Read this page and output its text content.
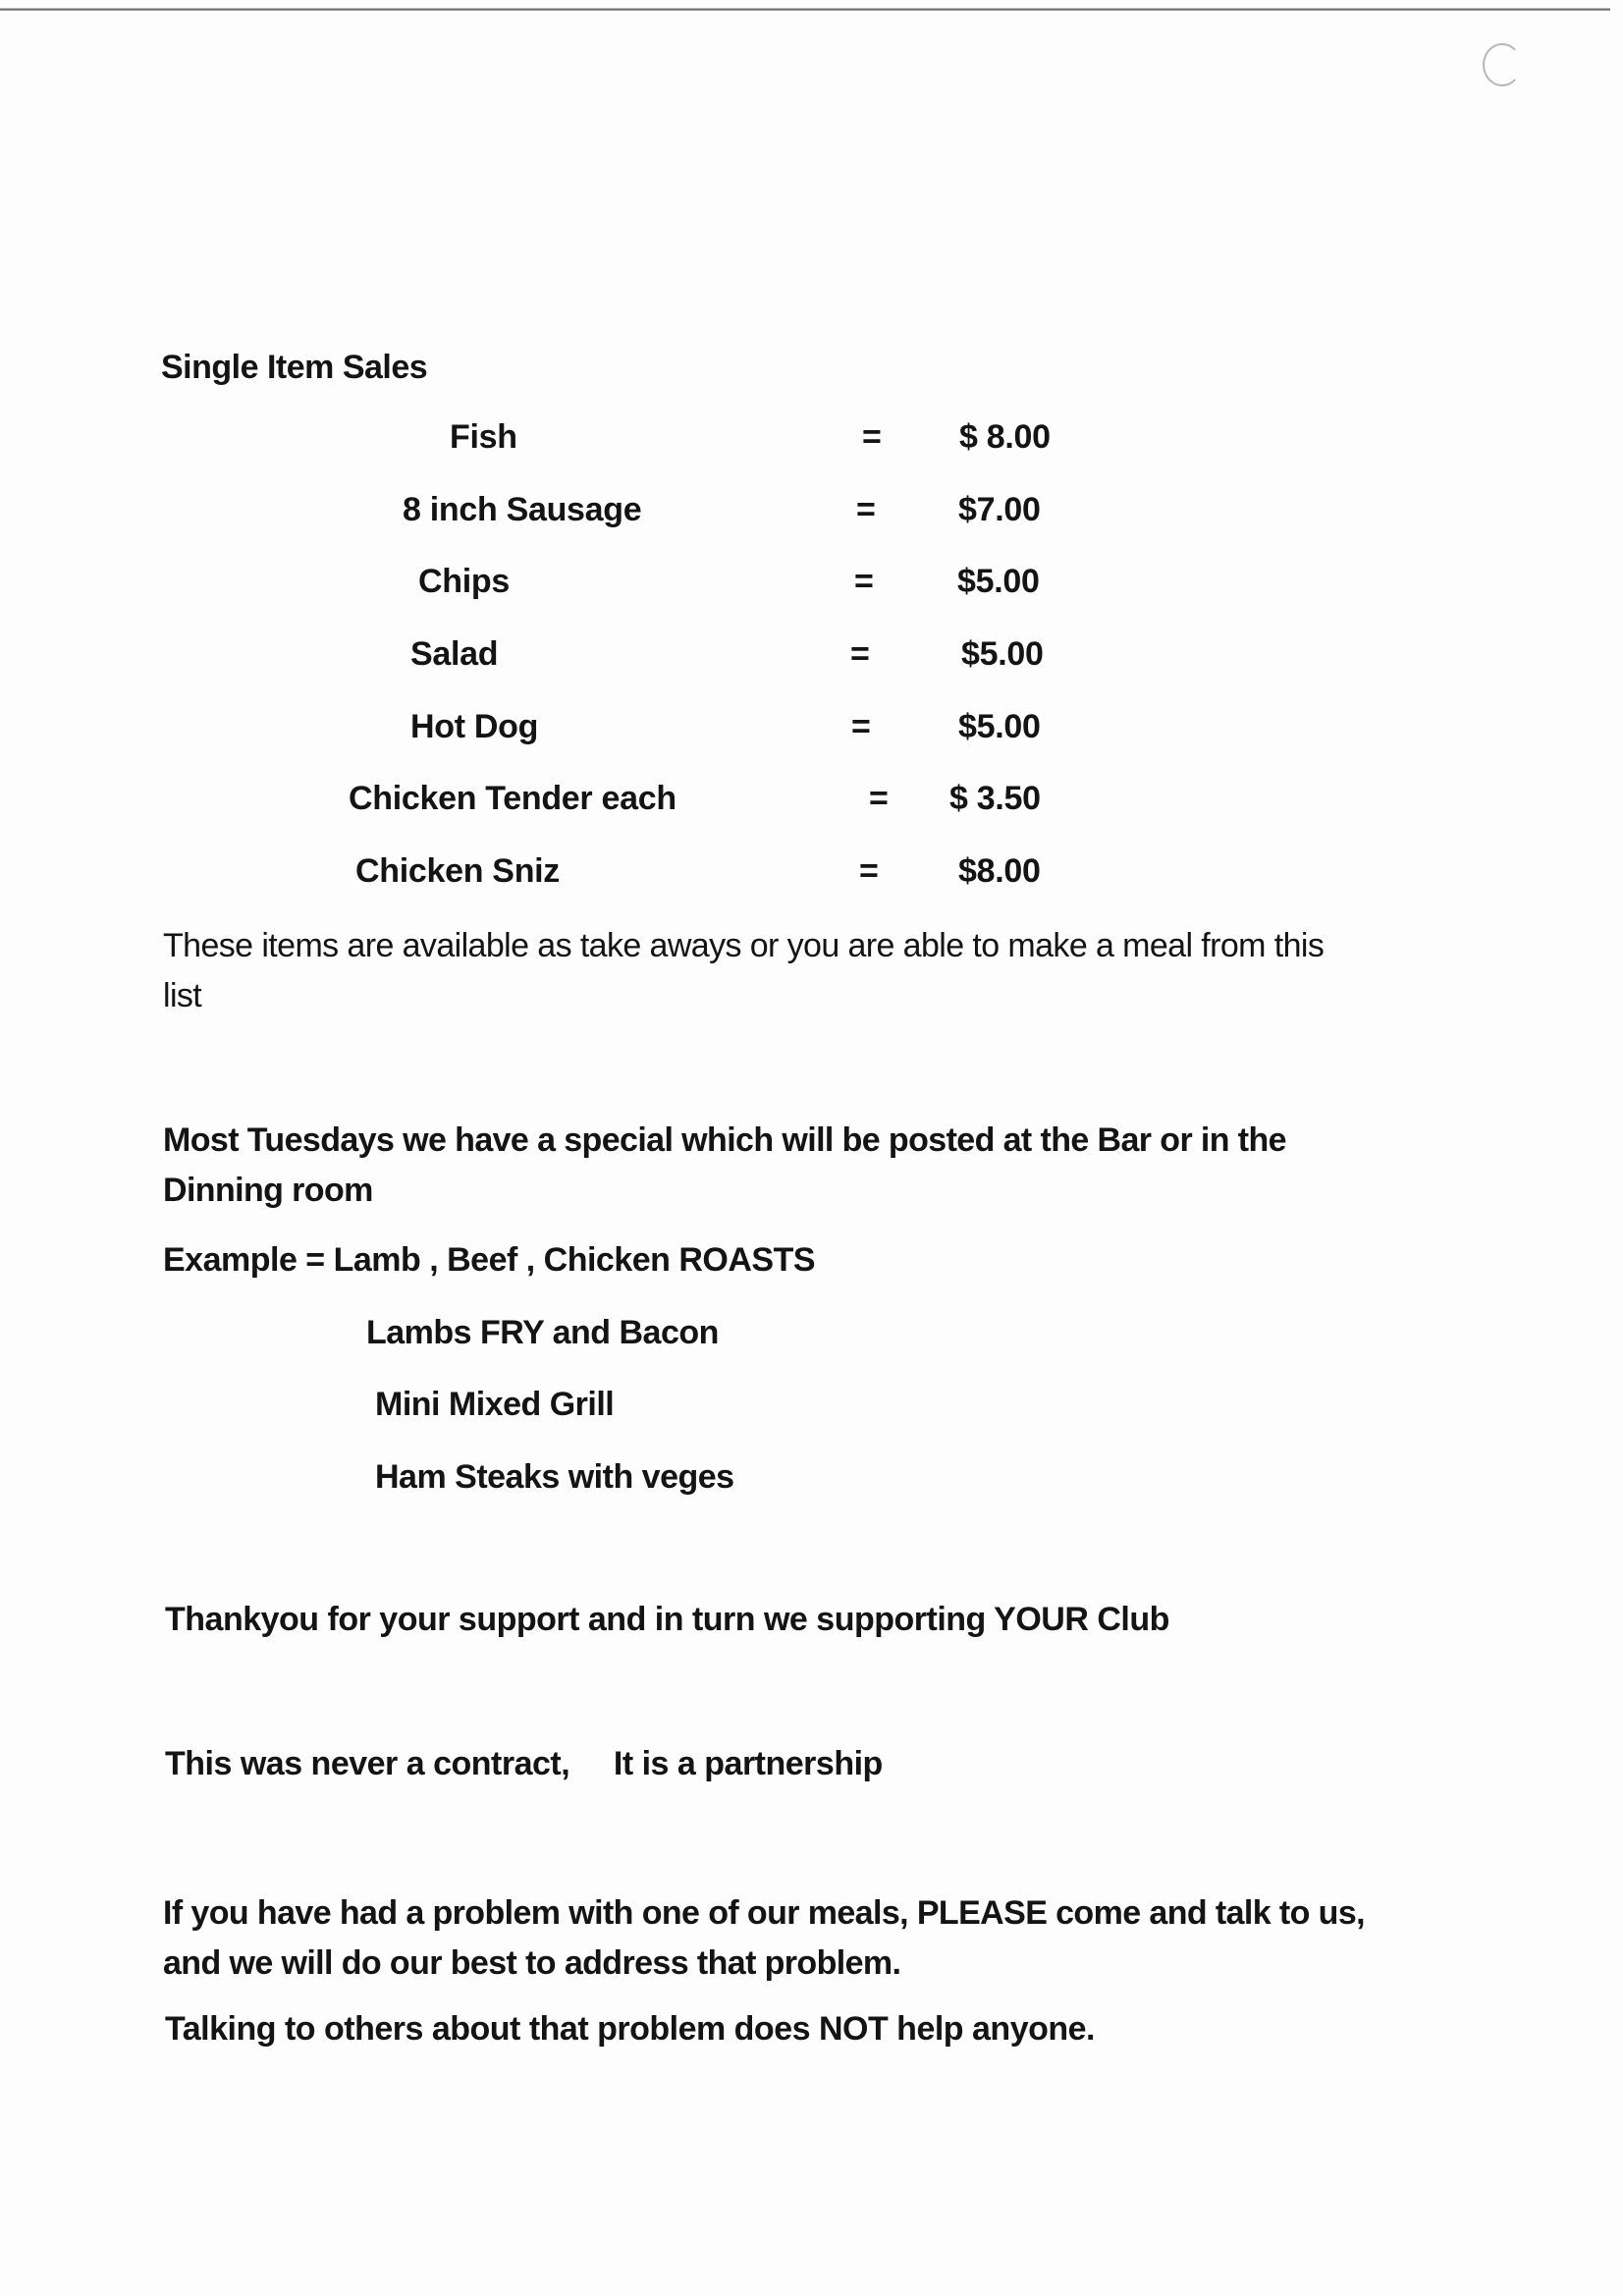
Single Item Sales
Fish	= $ 8.00
8 inch Sausage	= $7.00
Chips	=	$5.00
Salad	=	$5.00
Hot Dog	=	$5.00
Chicken Tender each	= $ 3.50
Chicken Sniz	= $8.00
These items are available as take aways or you are able to make a meal from this list
Most Tuesdays we have a special which will be posted at the Bar or in the Dinning room
Example = Lamb , Beef , Chicken ROASTS
Lambs FRY and Bacon
Mini Mixed Grill
Ham Steaks with veges
Thankyou for your support and in turn we supporting YOUR Club
This was never a contract,     It is a partnership
If you have had a problem with one of our meals, PLEASE come and talk to us, and we will do our best to address that problem.
Talking to others about that problem does NOT help anyone.
